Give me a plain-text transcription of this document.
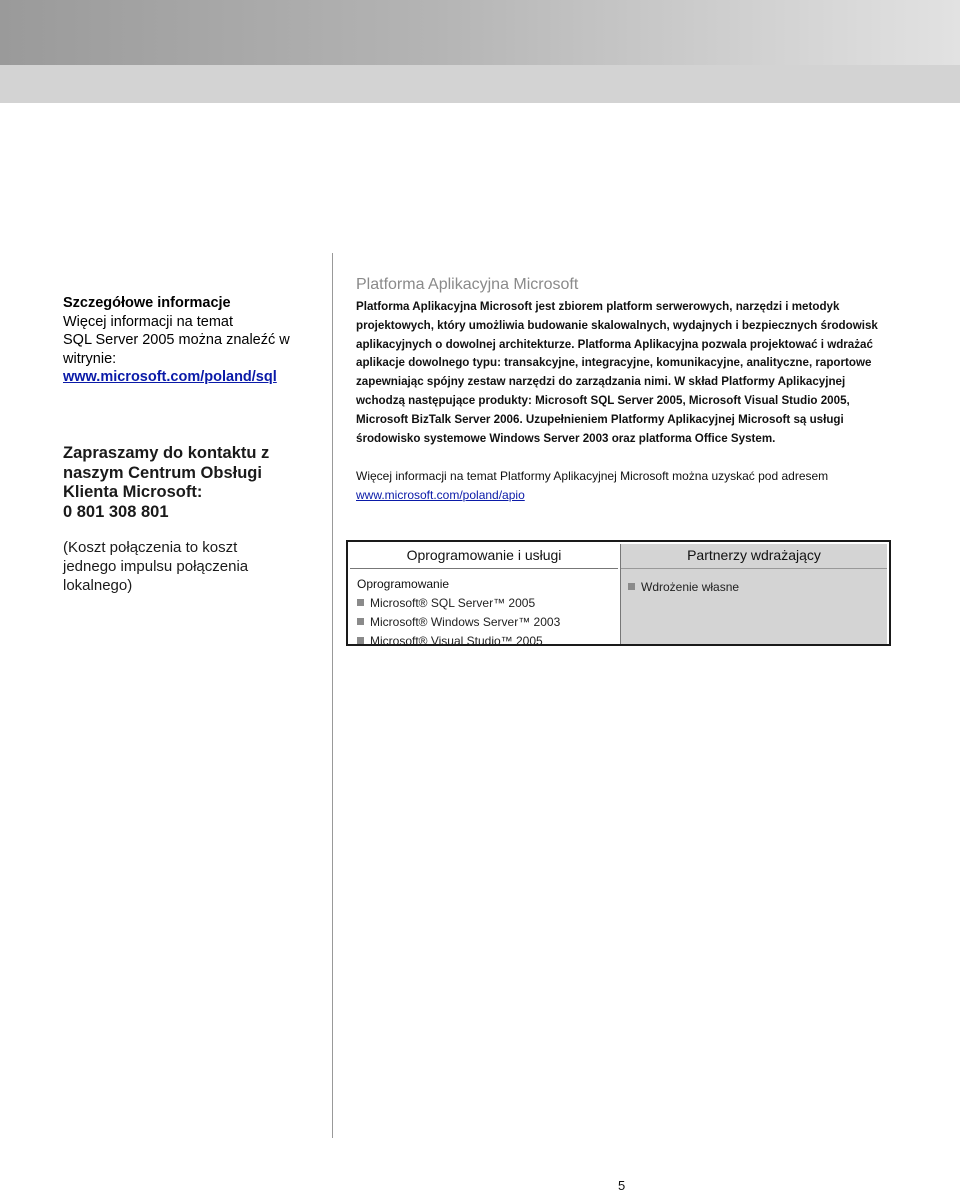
Szczegółowe informacje
Więcej informacji na temat
SQL Server 2005 można znaleźć w
witrynie:
www.microsoft.com/poland/sql
Zapraszamy do kontaktu z
naszym Centrum Obsługi
Klienta Microsoft:
0 801 308 801
(Koszt połączenia to koszt
jednego impulsu połączenia
lokalnego)
Platforma Aplikacyjna Microsoft
Platforma Aplikacyjna Microsoft jest zbiorem platform serwerowych, narzędzi i metodyk
projektowych, który umożliwia budowanie skalowalnych, wydajnych i bezpiecznych środowisk
aplikacyjnych o dowolnej architekturze. Platforma Aplikacyjna pozwala projektować i wdrażać
aplikacje dowolnego typu: transakcyjne, integracyjne, komunikacyjne, analityczne, raportowe
zapewniając spójny zestaw narzędzi do zarządzania nimi. W skład Platformy Aplikacyjnej
wchodzą następujące produkty: Microsoft SQL Server 2005, Microsoft Visual Studio 2005,
Microsoft BizTalk Server 2006. Uzupełnieniem Platformy Aplikacyjnej Microsoft są usługi
środowisko systemowe Windows Server 2003 oraz platforma Office System.
Więcej informacji na temat Platformy Aplikacyjnej Microsoft można uzyskać pod adresem
www.microsoft.com/poland/apio
Oprogramowanie i usługi
Oprogramowanie
Microsoft® SQL Server™ 2005
Microsoft® Windows Server™ 2003
Microsoft® Visual Studio™ 2005
Partnerzy wdrażający
Wdrożenie własne
5
